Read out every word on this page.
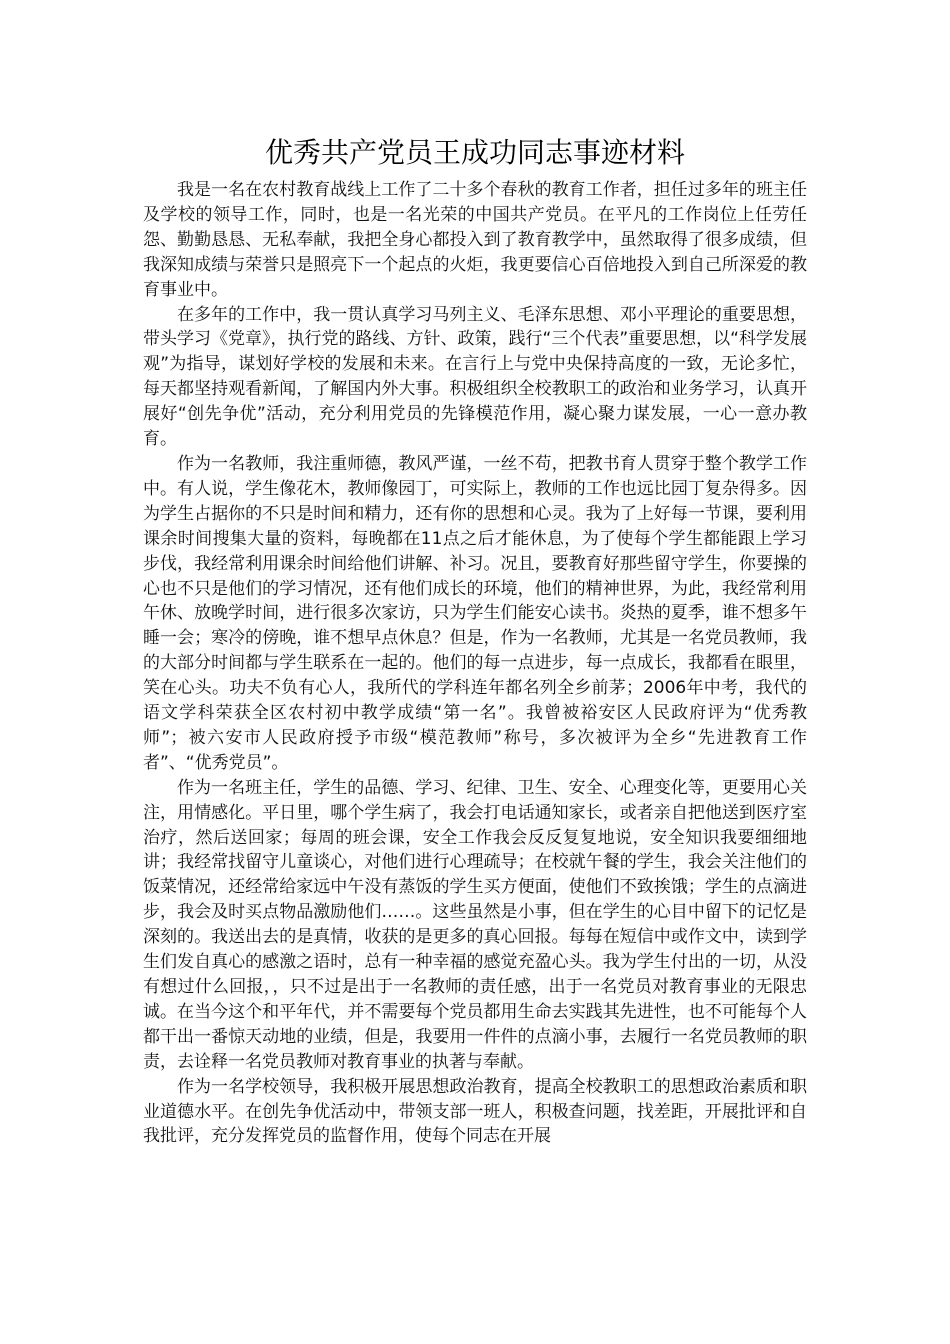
优秀共产党员王成功同志事迹材料

我是一名在农村教育战线上工作了二十多个春秋的教育工作者，担任过多年的班主任及学校的领导工作，同时，也是一名光荣的中国共产党员。在平凡的工作岗位上任劳任怨、勤勤恳恳、无私奉献，我把全身心都投入到了教育教学中，虽然取得了很多成绩，但我深知成绩与荣誉只是照亮下一个起点的火炬，我更要信心百倍地投入到自己所深爱的教育事业中。

在多年的工作中，我一贯认真学习马列主义、毛泽东思想、邓小平理论的重要思想，带头学习《党章》，执行党的路线、方针、政策，践行“三个代表”重要思想，以“科学发展观”为指导，谋划好学校的发展和未来。在言行上与党中央保持高度的一致，无论多忙，每天都坚持观看新闻，了解国内外大事。积极组织全校教职工的政治和业务学习，认真开展好“创先争优”活动，充分利用党员的先锋模范作用，凝心聚力谋发展，一心一意办教育。

作为一名教师，我注重师德，教风严谨，一丝不苟，把教书育人贯穿于整个教学工作中。有人说，学生像花木，教师像园丁，可实际上，教师的工作也远比园丁复杂得多。因为学生占据你的不只是时间和精力，还有你的思想和心灵。我为了上好每一节课，要利用课余时间搜集大量的资料，每晚都在11点之后才能休息，为了使每个学生都能跟上学习步伐，我经常利用课余时间给他们讲解、补习。况且，要教育好那些留守学生，你要操的心也不只是他们的学习情况，还有他们成长的环境，他们的精神世界，为此，我经常利用午休、放晚学时间，进行很多次家访，只为学生们能安心读书。炎热的夏季，谁不想多午睡一会；寒冷的傍晚，谁不想早点休息？但是，作为一名教师，尤其是一名党员教师，我的大部分时间都与学生联系在一起的。他们的每一点进步，每一点成长，我都看在眼里，笑在心头。功夫不负有心人，我所代的学科连年都名列全乡前茅；2006年中考，我代的语文学科荣获全区农村初中教学成绩“第一名”。我曾被裕安区人民政府评为“优秀教师”；被六安市人民政府授予市级“模范教师”称号，多次被评为全乡“先进教育工作者”、“优秀党员”。

作为一名班主任，学生的品德、学习、纪律、卫生、安全、心理变化等，更要用心关注，用情感化。平日里，哪个学生病了，我会打电话通知家长，或者亲自把他送到医疗室治疗，然后送回家；每周的班会课，安全工作我会反反复复地说，安全知识我要细细地讲；我经常找留守儿童谈心，对他们进行心理疏导；在校就午餐的学生，我会关注他们的饭菜情况，还经常给家远中午没有蒸饭的学生买方便面，使他们不致挨饿；学生的点滴进步，我会及时买点物品激励他们……。这些虽然是小事，但在学生的心目中留下的记忆是深刻的。我送出去的是真情，收获的是更多的真心回报。每每在短信中或作文中，读到学生们发自真心的感激之语时，总有一种幸福的感觉充盈心头。我为学生付出的一切，从没有想过什么回报，，只不过是出于一名教师的责任感，出于一名党员对教育事业的无限忠诚。在当今这个和平年代，并不需要每个党员都用生命去实践其先进性，也不可能每个人都干出一番惊天动地的业绩，但是，我要用一件件的点滴小事，去履行一名党员教师的职责，去诠释一名党员教师对教育事业的执著与奉献。

作为一名学校领导，我积极开展思想政治教育，提高全校教职工的思想政治素质和职业道德水平。在创先争优活动中，带领支部一班人，积极查问题，找差距，开展批评和自我批评，充分发挥党员的监督作用，使每个同志在开展
